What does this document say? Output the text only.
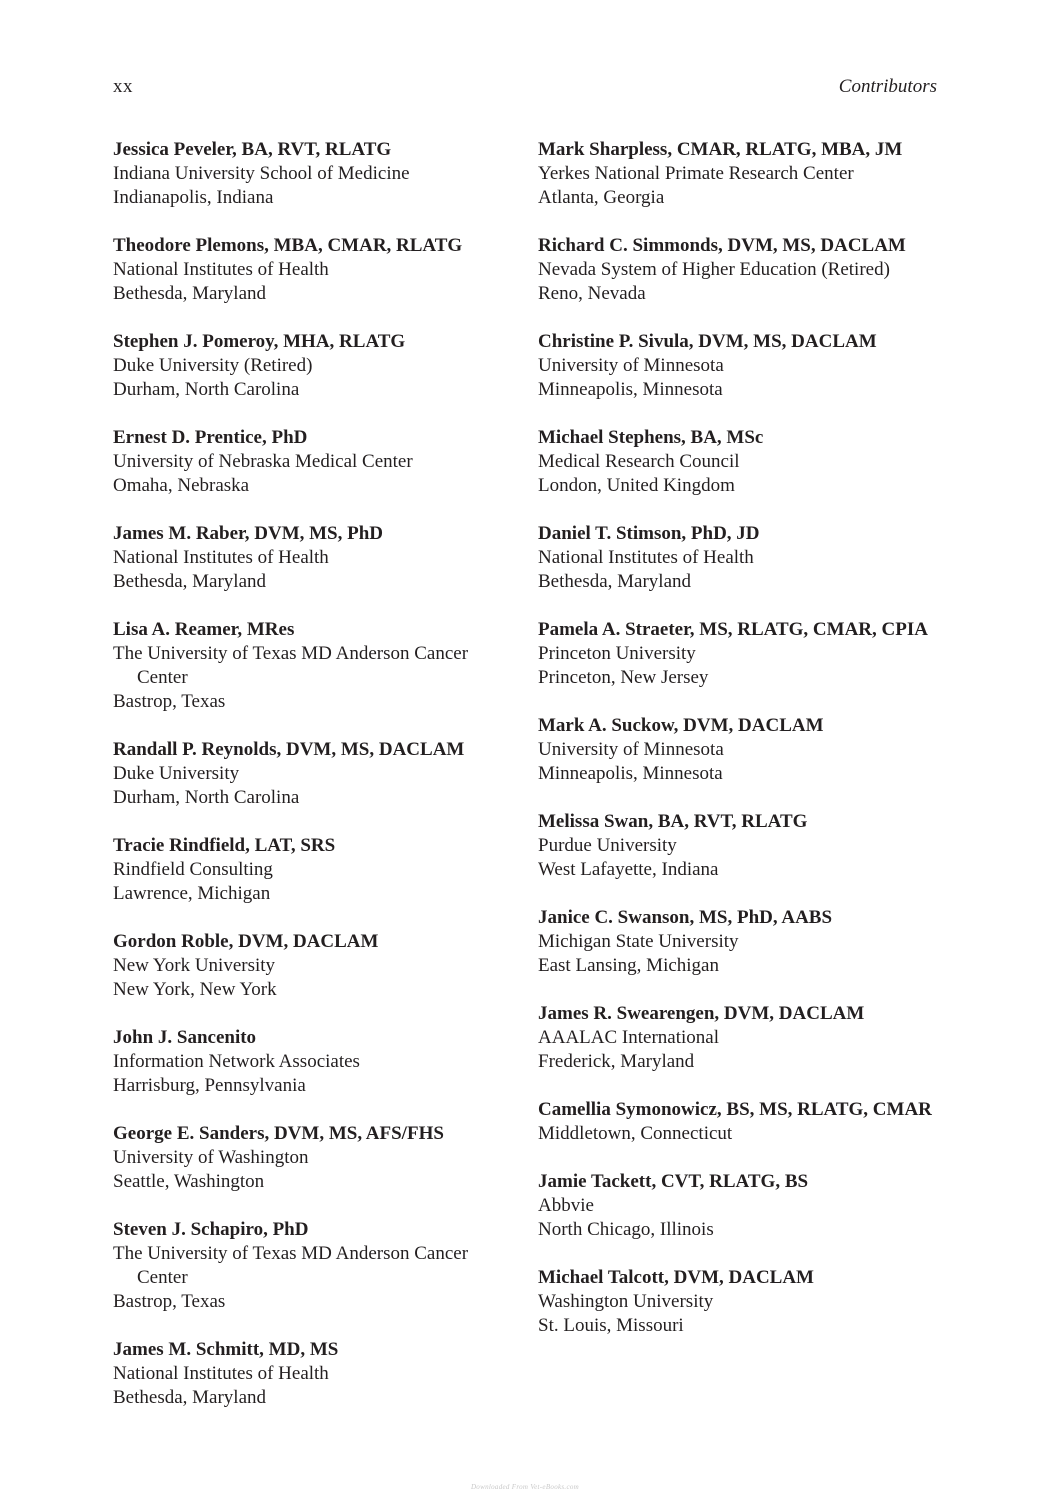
xx	Contributors
Jessica Peveler, BA, RVT, RLATG
Indiana University School of Medicine
Indianapolis, Indiana
Theodore Plemons, MBA, CMAR, RLATG
National Institutes of Health
Bethesda, Maryland
Stephen J. Pomeroy, MHA, RLATG
Duke University (Retired)
Durham, North Carolina
Ernest D. Prentice, PhD
University of Nebraska Medical Center
Omaha, Nebraska
James M. Raber, DVM, MS, PhD
National Institutes of Health
Bethesda, Maryland
Lisa A. Reamer, MRes
The University of Texas MD Anderson Cancer Center
Bastrop, Texas
Randall P. Reynolds, DVM, MS, DACLAM
Duke University
Durham, North Carolina
Tracie Rindfield, LAT, SRS
Rindfield Consulting
Lawrence, Michigan
Gordon Roble, DVM, DACLAM
New York University
New York, New York
John J. Sancenito
Information Network Associates
Harrisburg, Pennsylvania
George E. Sanders, DVM, MS, AFS/FHS
University of Washington
Seattle, Washington
Steven J. Schapiro, PhD
The University of Texas MD Anderson Cancer Center
Bastrop, Texas
James M. Schmitt, MD, MS
National Institutes of Health
Bethesda, Maryland
Mark Sharpless, CMAR, RLATG, MBA, JM
Yerkes National Primate Research Center
Atlanta, Georgia
Richard C. Simmonds, DVM, MS, DACLAM
Nevada System of Higher Education (Retired)
Reno, Nevada
Christine P. Sivula, DVM, MS, DACLAM
University of Minnesota
Minneapolis, Minnesota
Michael Stephens, BA, MSc
Medical Research Council
London, United Kingdom
Daniel T. Stimson, PhD, JD
National Institutes of Health
Bethesda, Maryland
Pamela A. Straeter, MS, RLATG, CMAR, CPIA
Princeton University
Princeton, New Jersey
Mark A. Suckow, DVM, DACLAM
University of Minnesota
Minneapolis, Minnesota
Melissa Swan, BA, RVT, RLATG
Purdue University
West Lafayette, Indiana
Janice C. Swanson, MS, PhD, AABS
Michigan State University
East Lansing, Michigan
James R. Swearengen, DVM, DACLAM
AAALAC International
Frederick, Maryland
Camellia Symonowicz, BS, MS, RLATG, CMAR
Middletown, Connecticut
Jamie Tackett, CVT, RLATG, BS
Abbvie
North Chicago, Illinois
Michael Talcott, DVM, DACLAM
Washington University
St. Louis, Missouri
Downloaded From Vet-eBooks.com
